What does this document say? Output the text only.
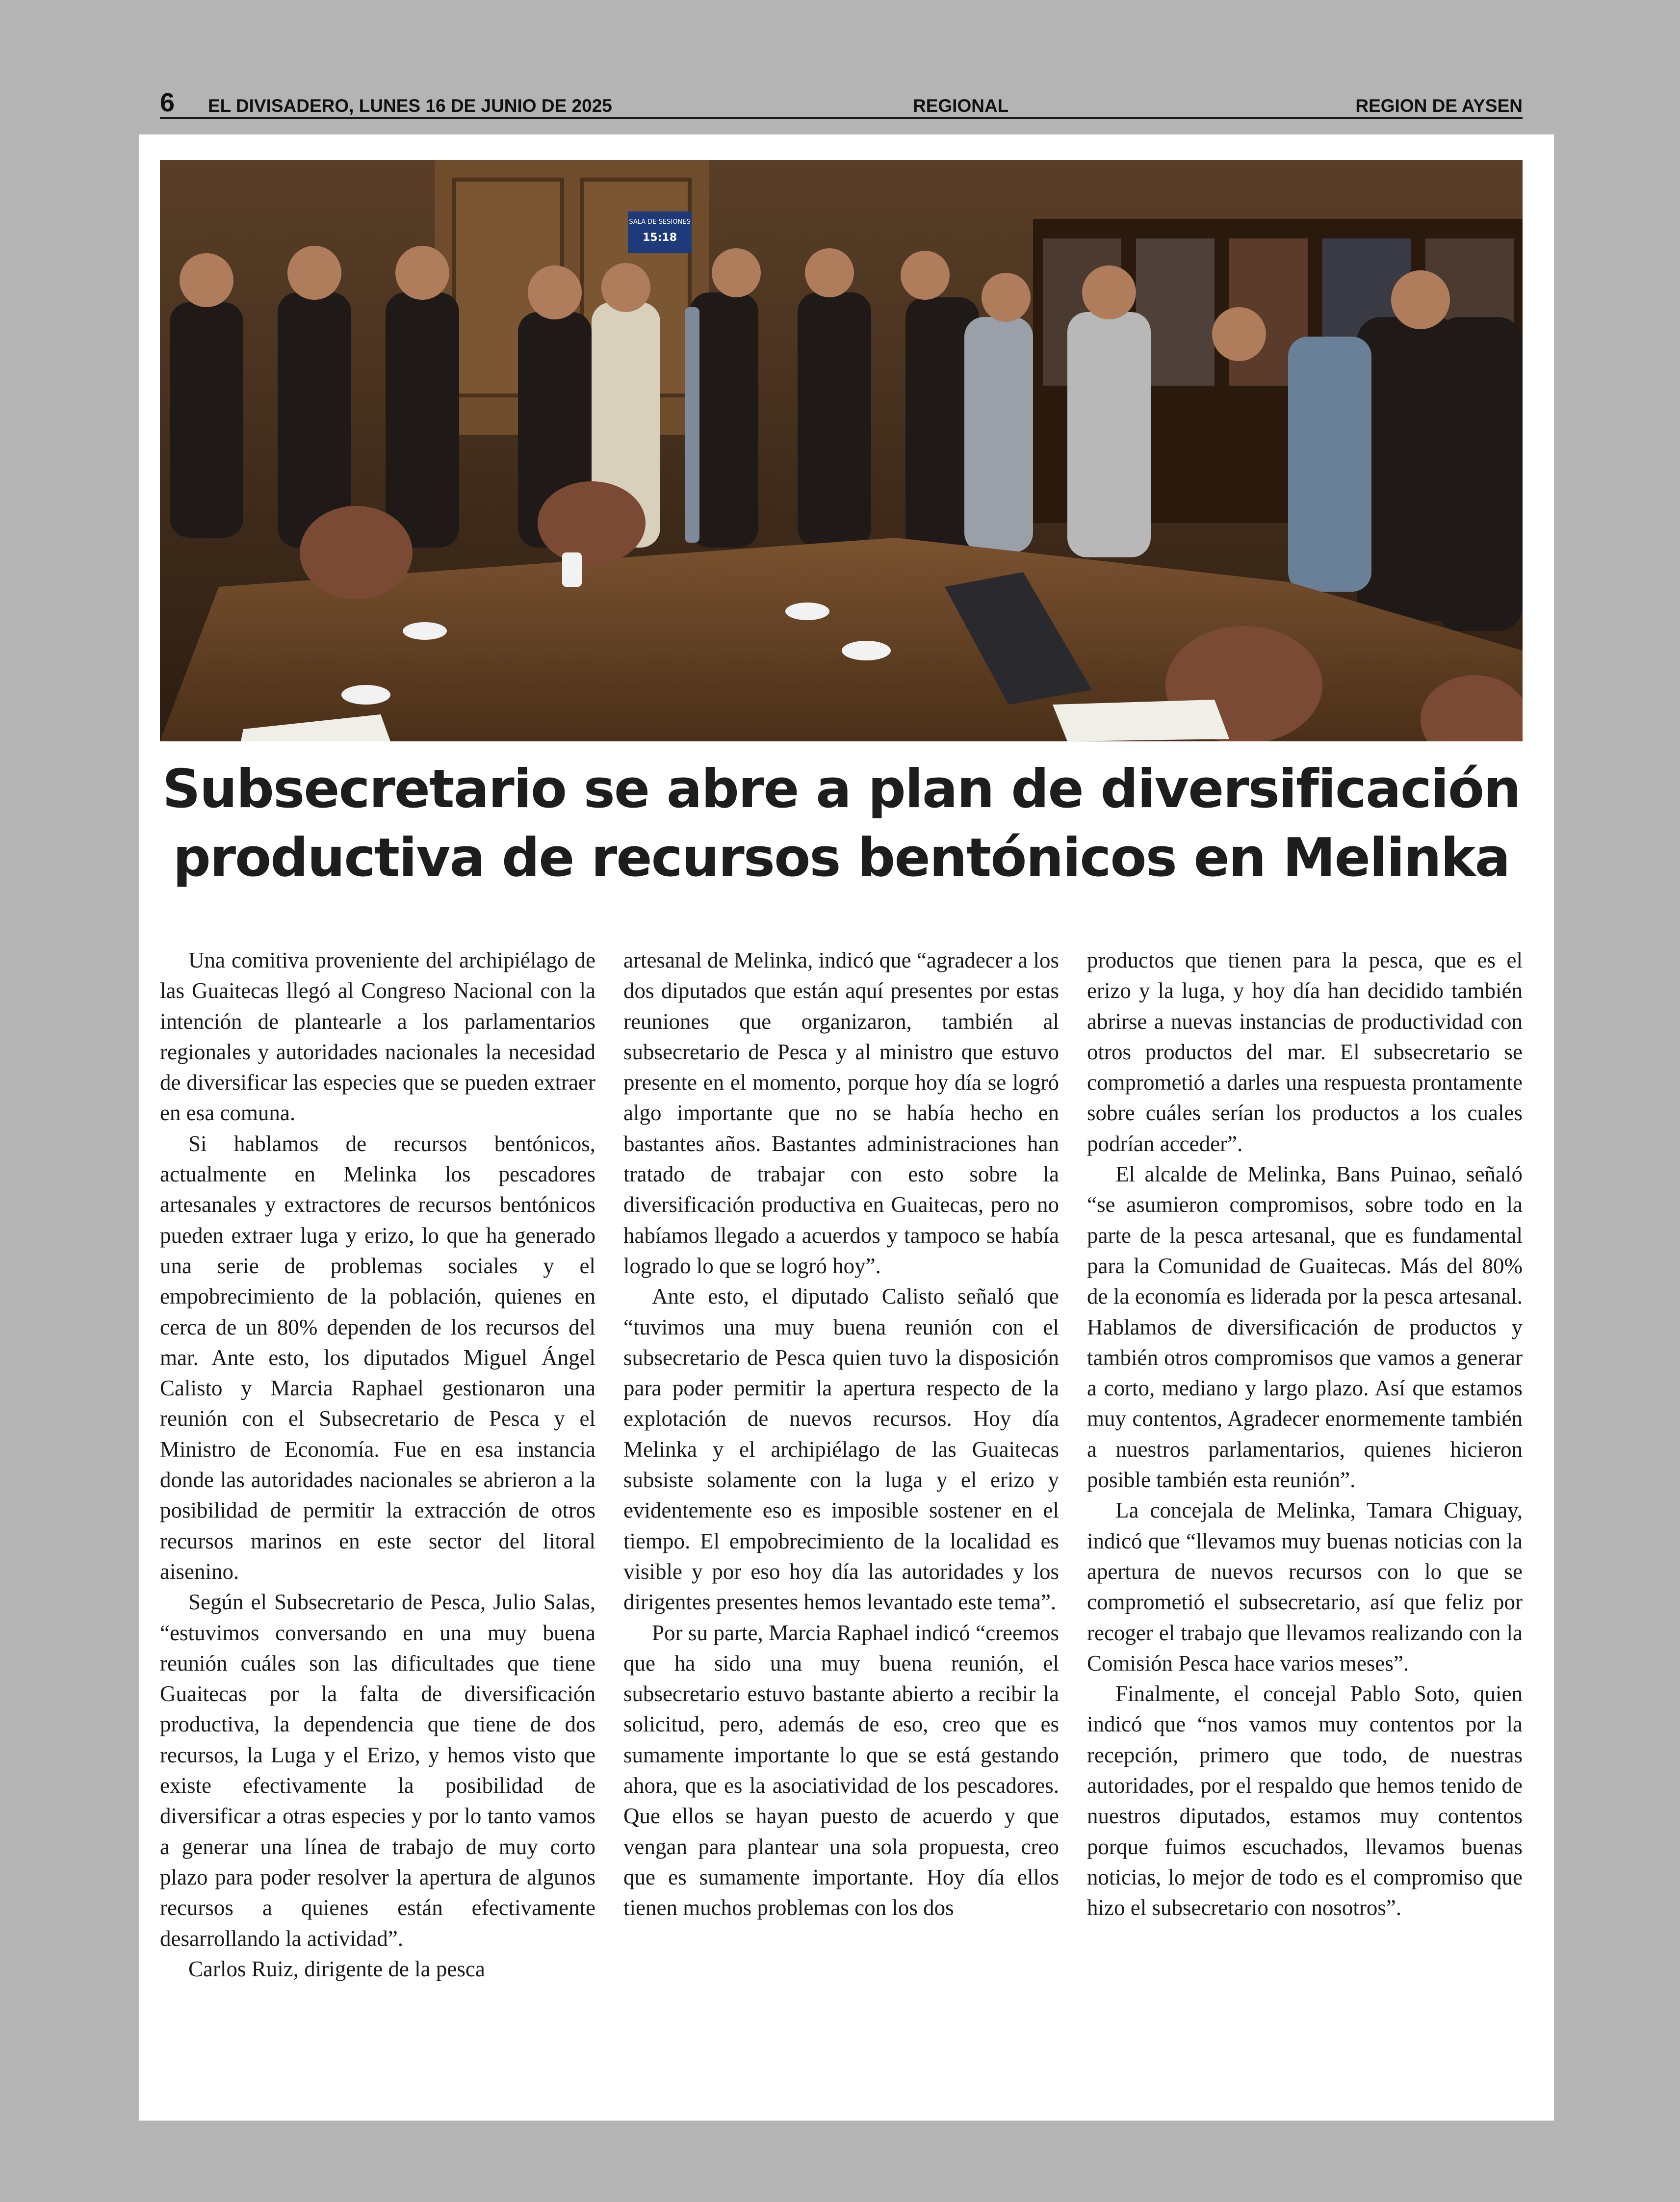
6 EL DIVISADERO, LUNES 16 DE JUNIO DE 2025	REGIONAL	REGION DE AYSEN
SALA DE SESIONES
15:18
Subsecretario se abre a plan de diversificación productiva de recursos bentónicos en Melinka

Una comitiva proveniente del archipiélago de las Guaitecas llegó al Congreso Nacional con la intención de plantearle a los parlamentarios regionales y autoridades nacionales la necesidad de diversificar las especies que se pueden extraer en esa comuna.

Si hablamos de recursos bentónicos, actualmente en Melinka los pescadores artesanales y extractores de recursos bentónicos pueden extraer luga y erizo, lo que ha generado una serie de problemas sociales y el empobrecimiento de la población, quienes en cerca de un 80% dependen de los recursos del mar. Ante esto, los diputados Miguel Ángel Calisto y Marcia Raphael gestionaron una reunión con el Subsecretario de Pesca y el Ministro de Economía. Fue en esa instancia donde las autoridades nacionales se abrieron a la posibilidad de permitir la extracción de otros recursos marinos en este sector del litoral aisenino.

Según el Subsecretario de Pesca, Julio Salas, “estuvimos conversando en una muy buena reunión cuáles son las dificultades que tiene Guaitecas por la falta de diversificación productiva, la dependencia que tiene de dos recursos, la Luga y el Erizo, y hemos visto que existe efectivamente la posibilidad de diversificar a otras especies y por lo tanto vamos a generar una línea de trabajo de muy corto plazo para poder resolver la apertura de algunos recursos a quienes están efectivamente desarrollando la actividad”.

Carlos Ruiz, dirigente de la pesca

artesanal de Melinka, indicó que “agradecer a los dos diputados que están aquí presentes por estas reuniones que organizaron, también al subsecretario de Pesca y al ministro que estuvo presente en el momento, porque hoy día se logró algo importante que no se había hecho en bastantes años. Bastantes administraciones han tratado de trabajar con esto sobre la diversificación productiva en Guaitecas, pero no habíamos llegado a acuerdos y tampoco se había logrado lo que se logró hoy”.

Ante esto, el diputado Calisto señaló que “tuvimos una muy buena reunión con el subsecretario de Pesca quien tuvo la disposición para poder permitir la apertura respecto de la explotación de nuevos recursos. Hoy día Melinka y el archipiélago de las Guaitecas subsiste solamente con la luga y el erizo y evidentemente eso es imposible sostener en el tiempo. El empobrecimiento de la localidad es visible y por eso hoy día las autoridades y los dirigentes presentes hemos levantado este tema”.

Por su parte, Marcia Raphael indicó “creemos que ha sido una muy buena reunión, el subsecretario estuvo bastante abierto a recibir la solicitud, pero, además de eso, creo que es sumamente importante lo que se está gestando ahora, que es la asociatividad de los pescadores. Que ellos se hayan puesto de acuerdo y que vengan para plantear una sola propuesta, creo que es sumamente importante. Hoy día ellos tienen muchos problemas con los dos

productos que tienen para la pesca, que es el erizo y la luga, y hoy día han decidido también abrirse a nuevas instancias de productividad con otros productos del mar. El subsecretario se comprometió a darles una respuesta prontamente sobre cuáles serían los productos a los cuales podrían acceder”.

El alcalde de Melinka, Bans Puinao, señaló “se asumieron compromisos, sobre todo en la parte de la pesca artesanal, que es fundamental para la Comunidad de Guaitecas. Más del 80% de la economía es liderada por la pesca artesanal. Hablamos de diversificación de productos y también otros compromisos que vamos a generar a corto, mediano y largo plazo. Así que estamos muy contentos, Agradecer enormemente también a nuestros parlamentarios, quienes hicieron posible también esta reunión”.

La concejala de Melinka, Tamara Chiguay, indicó que “llevamos muy buenas noticias con la apertura de nuevos recursos con lo que se comprometió el subsecretario, así que feliz por recoger el trabajo que llevamos realizando con la Comisión Pesca hace varios meses”.

Finalmente, el concejal Pablo Soto, quien indicó que “nos vamos muy contentos por la recepción, primero que todo, de nuestras autoridades, por el respaldo que hemos tenido de nuestros diputados, estamos muy contentos porque fuimos escuchados, llevamos buenas noticias, lo mejor de todo es el compromiso que hizo el subsecretario con nosotros”.
